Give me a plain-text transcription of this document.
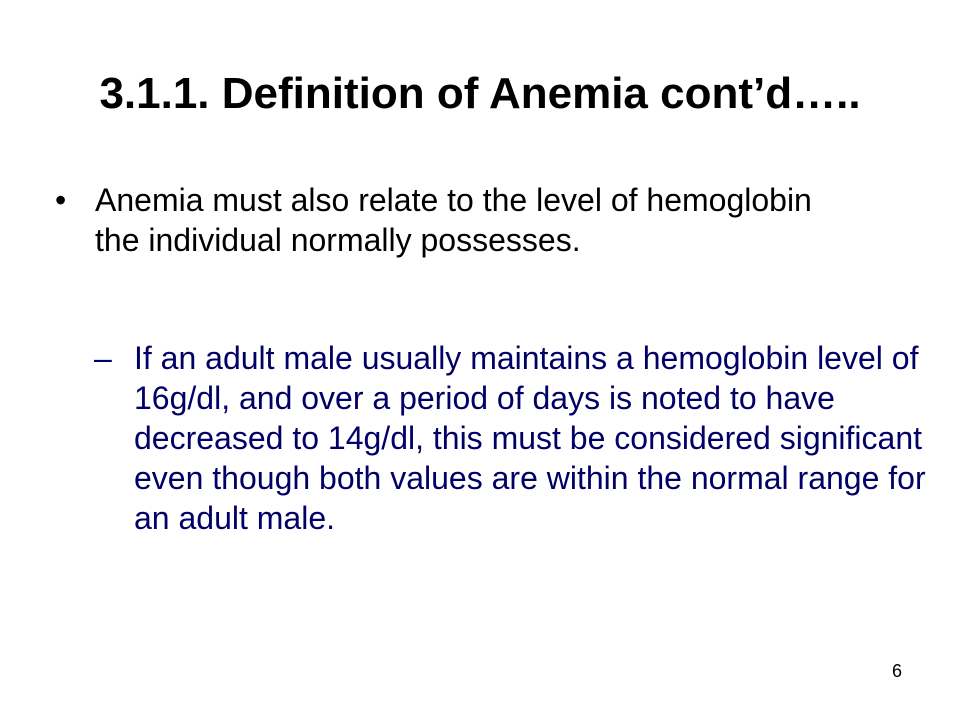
3.1.1. Definition of Anemia cont’d…..
• Anemia must also relate to the level of hemoglobin the individual normally possesses.
– If an adult male usually maintains a hemoglobin level of 16g/dl, and over a period of days is noted to have decreased to 14g/dl, this must be considered significant even though both values are within the normal range for an adult male.
6
